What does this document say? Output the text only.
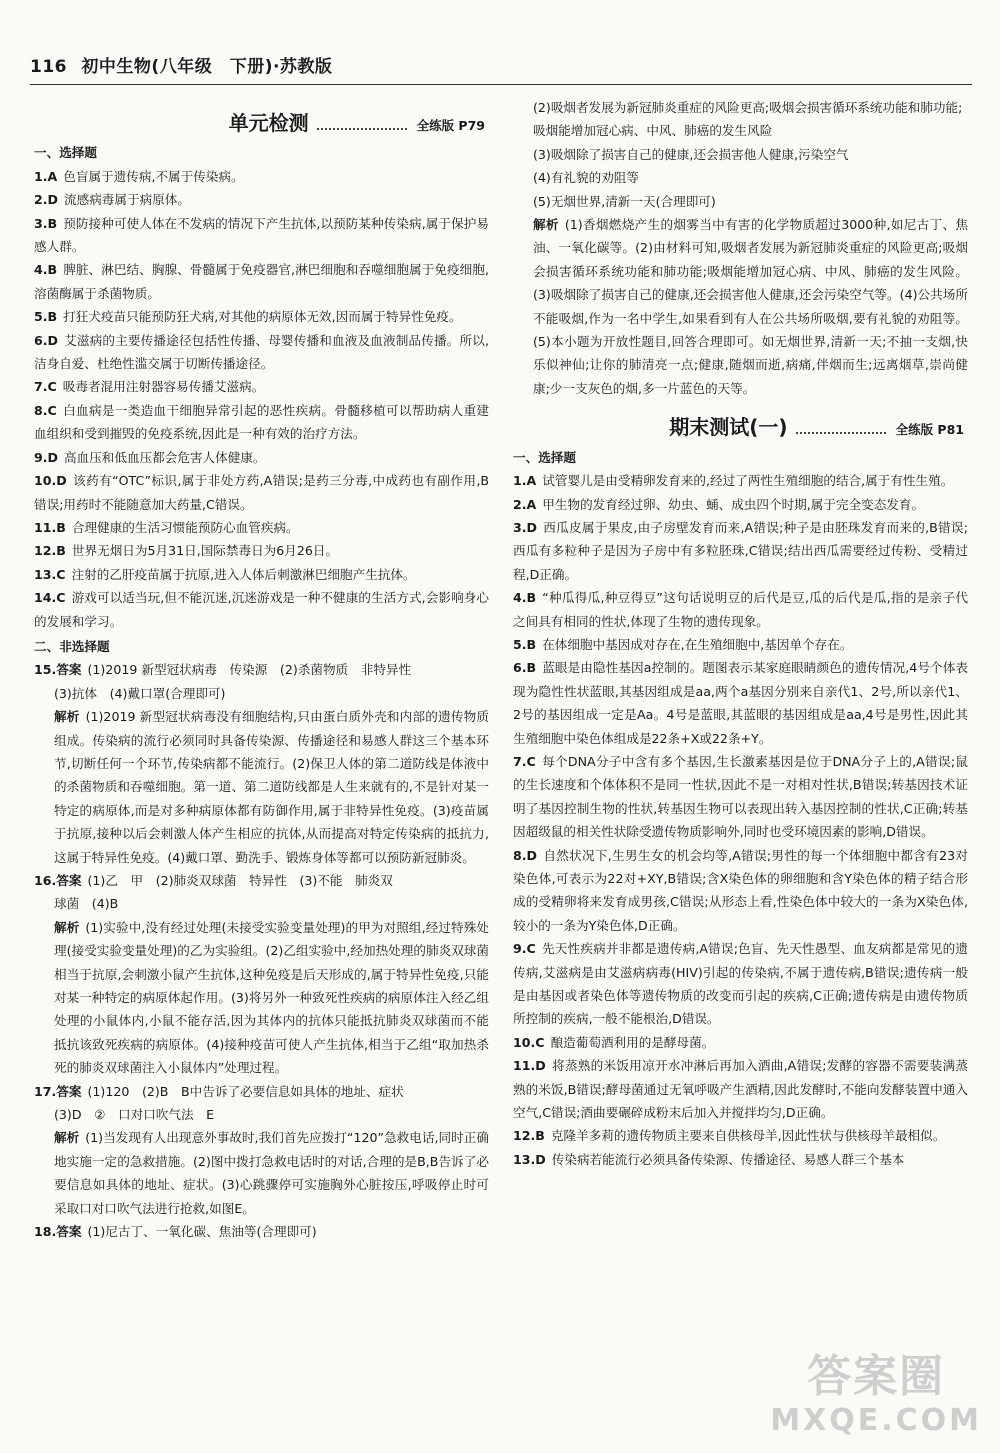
116 初中生物(八年级　下册)·苏教版
单元检测	全练版 P79
一、选择题
1.A 色盲属于遗传病,不属于传染病。
2.D 流感病毒属于病原体。
3.B 预防接种可使人体在不发病的情况下产生抗体,以预防某种传染病,属于保护易感人群。
4.B 脾脏、淋巴结、胸腺、骨髓属于免疫器官,淋巴细胞和吞噬细胞属于免疫细胞,溶菌酶属于杀菌物质。
5.B 打狂犬疫苗只能预防狂犬病,对其他的病原体无效,因而属于特异性免疫。
6.D 艾滋病的主要传播途径包括性传播、母婴传播和血液及血液制品传播。所以,洁身自爱、杜绝性滥交属于切断传播途径。
7.C 吸毒者混用注射器容易传播艾滋病。
8.C 白血病是一类造血干细胞异常引起的恶性疾病。骨髓移植可以帮助病人重建血组织和受到摧毁的免疫系统,因此是一种有效的治疗方法。
9.D 高血压和低血压都会危害人体健康。
10.D 该药有“OTC”标识,属于非处方药,A错误;是药三分毒,中成药也有副作用,B错误;用药时不能随意加大药量,C错误。
11.B 合理健康的生活习惯能预防心血管疾病。
12.B 世界无烟日为5月31日,国际禁毒日为6月26日。
13.C 注射的乙肝疫苗属于抗原,进入人体后刺激淋巴细胞产生抗体。
14.C 游戏可以适当玩,但不能沉迷,沉迷游戏是一种不健康的生活方式,会影响身心的发展和学习。
二、非选择题
15.答案 (1)2019 新型冠状病毒　传染源　(2)杀菌物质　非特异性
(3)抗体　(4)戴口罩(合理即可)
解析 (1)2019 新型冠状病毒没有细胞结构,只由蛋白质外壳和内部的遗传物质组成。传染病的流行必须同时具备传染源、传播途径和易感人群这三个基本环节,切断任何一个环节,传染病都不能流行。(2)保卫人体的第二道防线是体液中的杀菌物质和吞噬细胞。第一道、第二道防线都是人生来就有的,不是针对某一特定的病原体,而是对多种病原体都有防御作用,属于非特异性免疫。(3)疫苗属于抗原,接种以后会刺激人体产生相应的抗体,从而提高对特定传染病的抵抗力,这属于特异性免疫。(4)戴口罩、勤洗手、锻炼身体等都可以预防新冠肺炎。
16.答案 (1)乙　甲　(2)肺炎双球菌　特异性　(3)不能　肺炎双
球菌　(4)B
解析 (1)实验中,没有经过处理(未接受实验变量处理)的甲为对照组,经过特殊处理(接受实验变量处理)的乙为实验组。(2)乙组实验中,经加热处理的肺炎双球菌相当于抗原,会刺激小鼠产生抗体,这种免疫是后天形成的,属于特异性免疫,只能对某一种特定的病原体起作用。(3)将另外一种致死性疾病的病原体注入经乙组处理的小鼠体内,小鼠不能存活,因为其体内的抗体只能抵抗肺炎双球菌而不能抵抗该致死疾病的病原体。(4)接种疫苗可使人产生抗体,相当于乙组“取加热杀死的肺炎双球菌注入小鼠体内”处理过程。
17.答案 (1)120　(2)B　B中告诉了必要信息如具体的地址、症状
(3)D　②　口对口吹气法　E
解析 (1)当发现有人出现意外事故时,我们首先应拨打“120”急救电话,同时正确地实施一定的急救措施。(2)图中拨打急救电话时的对话,合理的是B,B告诉了必要信息如具体的地址、症状。(3)心跳骤停可实施胸外心脏按压,呼吸停止时可采取口对口吹气法进行抢救,如图E。
18.答案 (1)尼古丁、一氧化碳、焦油等(合理即可)
(2)吸烟者发展为新冠肺炎重症的风险更高;吸烟会损害循环系统功能和肺功能;吸烟能增加冠心病、中风、肺癌的发生风险
(3)吸烟除了损害自己的健康,还会损害他人健康,污染空气
(4)有礼貌的劝阻等
(5)无烟世界,清新一天(合理即可)
解析 (1)香烟燃烧产生的烟雾当中有害的化学物质超过3000种,如尼古丁、焦油、一氧化碳等。(2)由材料可知,吸烟者发展为新冠肺炎重症的风险更高;吸烟会损害循环系统功能和肺功能;吸烟能增加冠心病、中风、肺癌的发生风险。(3)吸烟除了损害自己的健康,还会损害他人健康,还会污染空气等。(4)公共场所不能吸烟,作为一名中学生,如果看到有人在公共场所吸烟,要有礼貌的劝阻等。(5)本小题为开放性题目,回答合理即可。如无烟世界,清新一天;不抽一支烟,快乐似神仙;让你的肺清亮一点;健康,随烟而逝,病痛,伴烟而生;远离烟草,崇尚健康;少一支灰色的烟,多一片蓝色的天等。
期末测试(一)	全练版 P81
一、选择题
1.A 试管婴儿是由受精卵发育来的,经过了两性生殖细胞的结合,属于有性生殖。
2.A 甲生物的发育经过卵、幼虫、蛹、成虫四个时期,属于完全变态发育。
3.D 西瓜皮属于果皮,由子房壁发育而来,A错误;种子是由胚珠发育而来的,B错误;西瓜有多粒种子是因为子房中有多粒胚珠,C错误;结出西瓜需要经过传粉、受精过程,D正确。
4.B “种瓜得瓜,种豆得豆”这句话说明豆的后代是豆,瓜的后代是瓜,指的是亲子代之间具有相同的性状,体现了生物的遗传现象。
5.B 在体细胞中基因成对存在,在生殖细胞中,基因单个存在。
6.B 蓝眼是由隐性基因a控制的。题图表示某家庭眼睛颜色的遗传情况,4号个体表现为隐性性状蓝眼,其基因组成是aa,两个a基因分别来自亲代1、2号,所以亲代1、2号的基因组成一定是Aa。4号是蓝眼,其蓝眼的基因组成是aa,4号是男性,因此其生殖细胞中染色体组成是22条+X或22条+Y。
7.C 每个DNA分子中含有多个基因,生长激素基因是位于DNA分子上的,A错误;鼠的生长速度和个体体积不是同一性状,因此不是一对相对性状,B错误;转基因技术证明了基因控制生物的性状,转基因生物可以表现出转入基因控制的性状,C正确;转基因超级鼠的相关性状除受遗传物质影响外,同时也受环境因素的影响,D错误。
8.D 自然状况下,生男生女的机会均等,A错误;男性的每一个体细胞中都含有23对染色体,可表示为22对+XY,B错误;含X染色体的卵细胞和含Y染色体的精子结合形成的受精卵将来发育成男孩,C错误;从形态上看,性染色体中较大的一条为X染色体,较小的一条为Y染色体,D正确。
9.C 先天性疾病并非都是遗传病,A错误;色盲、先天性愚型、血友病都是常见的遗传病,艾滋病是由艾滋病病毒(HIV)引起的传染病,不属于遗传病,B错误;遗传病一般是由基因或者染色体等遗传物质的改变而引起的疾病,C正确;遗传病是由遗传物质所控制的疾病,一般不能根治,D错误。
10.C 酿造葡萄酒利用的是酵母菌。
11.D 将蒸熟的米饭用凉开水冲淋后再加入酒曲,A错误;发酵的容器不需要装满蒸熟的米饭,B错误;酵母菌通过无氧呼吸产生酒精,因此发酵时,不能向发酵装置中通入空气,C错误;酒曲要碾碎成粉末后加入并搅拌均匀,D正确。
12.B 克隆羊多莉的遗传物质主要来自供核母羊,因此性状与供核母羊最相似。
13.D 传染病若能流行必须具备传染源、传播途径、易感人群三个基本
答案圈
MXQE.COM
